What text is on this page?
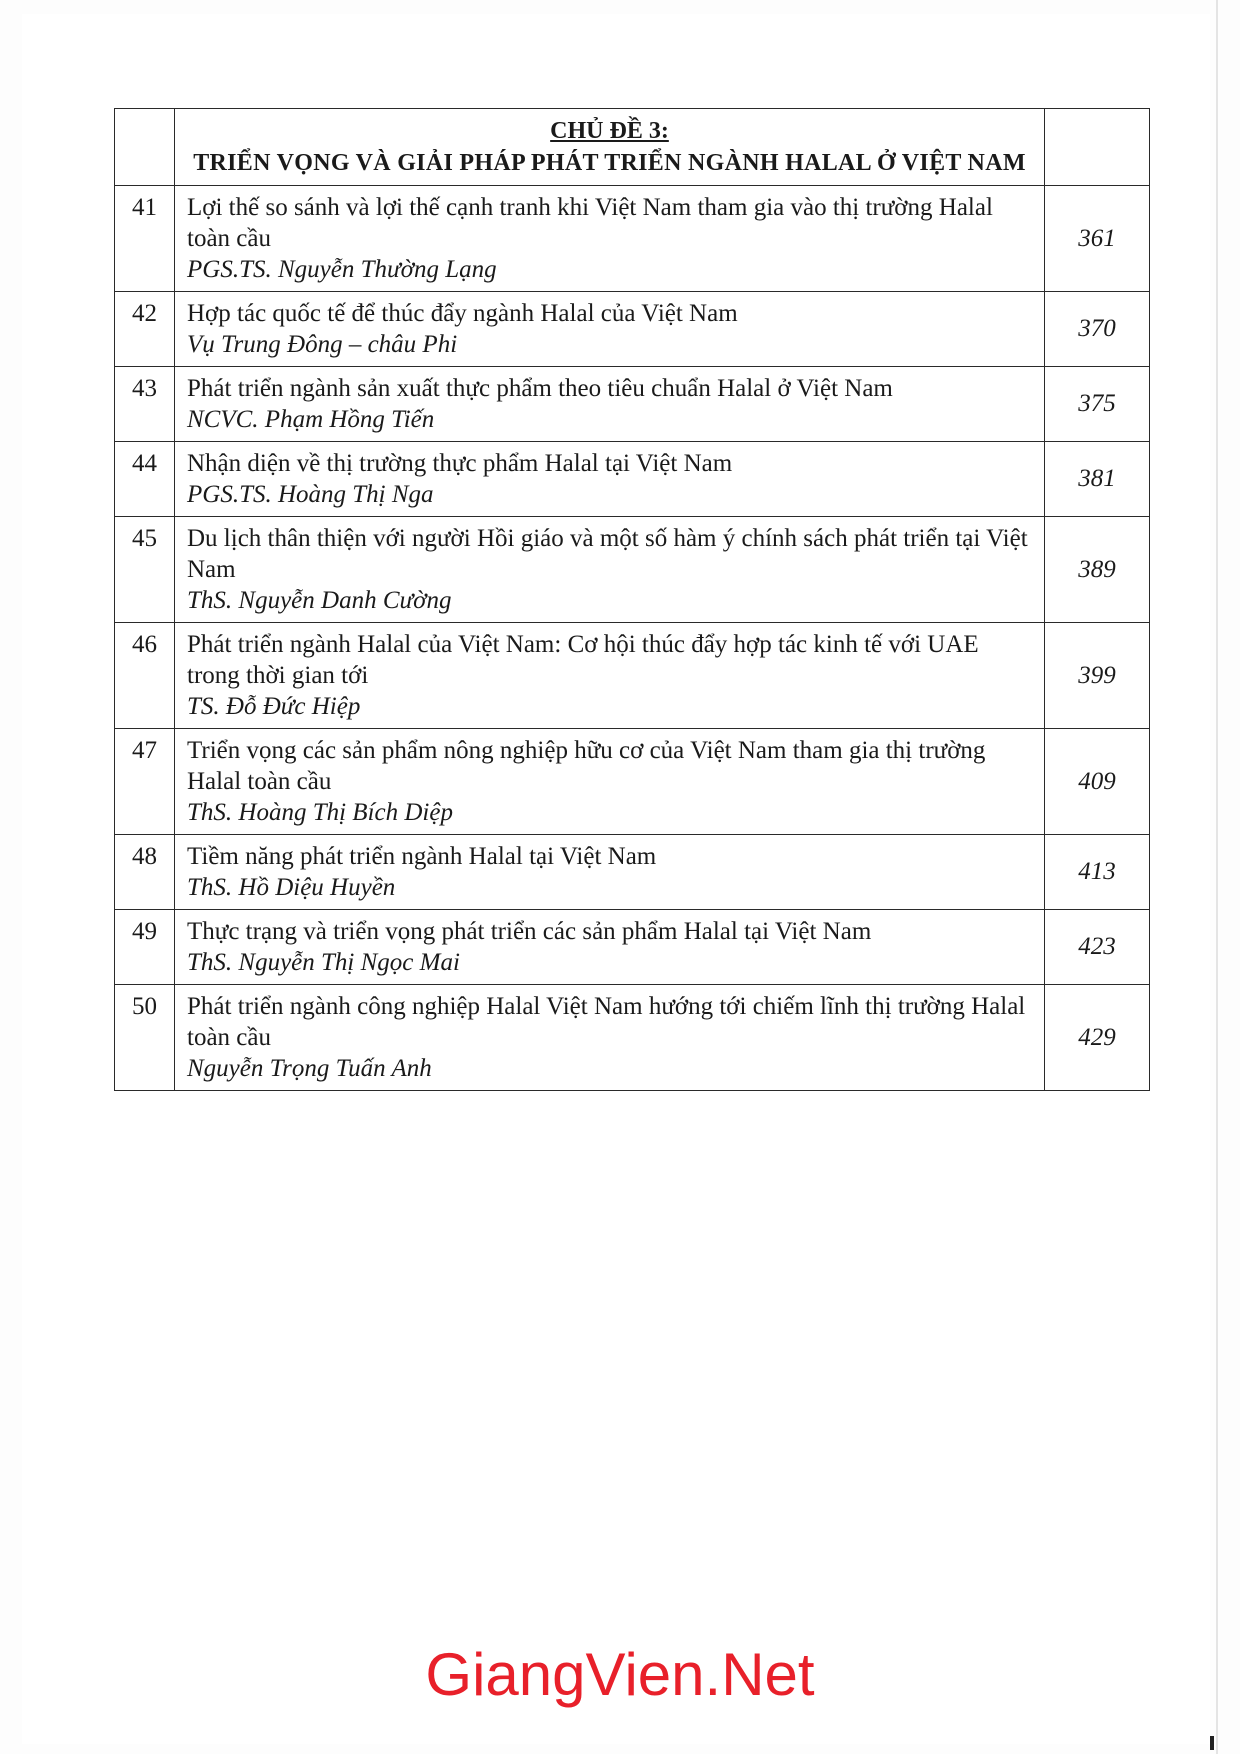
	CHỦ ĐỀ 3:
TRIỂN VỌNG VÀ GIẢI PHÁP PHÁT TRIỂN NGÀNH HALAL Ở VIỆT NAM	

41	Lợi thế so sánh và lợi thế cạnh tranh khi Việt Nam tham gia vào thị trường Halal toàn cầu
PGS.TS. Nguyễn Thường Lạng	361
42	Hợp tác quốc tế để thúc đẩy ngành Halal của Việt Nam
Vụ Trung Đông – châu Phi	370
43	Phát triển ngành sản xuất thực phẩm theo tiêu chuẩn Halal ở Việt Nam
NCVC. Phạm Hồng Tiến	375
44	Nhận diện về thị trường thực phẩm Halal tại Việt Nam
PGS.TS. Hoàng Thị Nga	381
45	Du lịch thân thiện với người Hồi giáo và một số hàm ý chính sách phát triển tại Việt Nam
ThS. Nguyễn Danh Cường	389
46	Phát triển ngành Halal của Việt Nam: Cơ hội thúc đẩy hợp tác kinh tế với UAE trong thời gian tới
TS. Đỗ Đức Hiệp	399
47	Triển vọng các sản phẩm nông nghiệp hữu cơ của Việt Nam tham gia thị trường Halal toàn cầu
ThS. Hoàng Thị Bích Diệp	409
48	Tiềm năng phát triển ngành Halal tại Việt Nam
ThS. Hồ Diệu Huyền	413
49	Thực trạng và triển vọng phát triển các sản phẩm Halal tại Việt Nam
ThS. Nguyễn Thị Ngọc Mai	423
50	Phát triển ngành công nghiệp Halal Việt Nam hướng tới chiếm lĩnh thị trường Halal toàn cầu
Nguyễn Trọng Tuấn Anh	429
GiangVien.Net
